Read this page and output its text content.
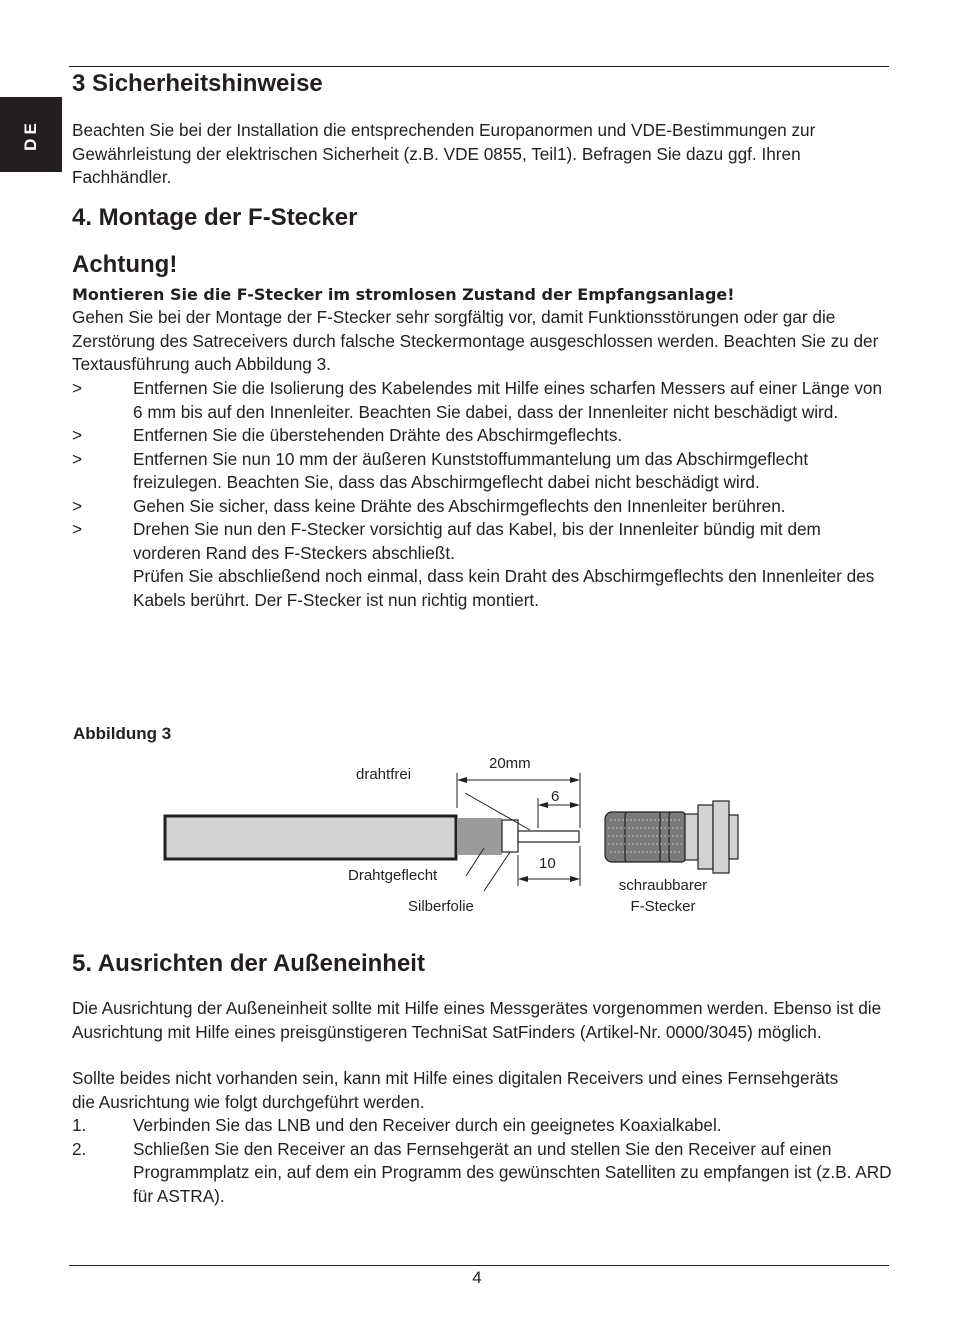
DE
3 Sicherheitshinweise

Beachten Sie bei der Installation die entsprechenden Europanormen und VDE-Bestimmungen zur Gewährleistung der elektrischen Sicherheit (z.B. VDE 0855, Teil1). Befragen Sie dazu ggf. Ihren Fachhändler.

4. Montage der F-Stecker
Achtung!
Montieren Sie die F-Stecker im stromlosen Zustand der Empfangsanlage!

Gehen Sie bei der Montage der F-Stecker sehr sorgfältig vor, damit Funktionsstörungen oder gar die Zerstörung des Satreceivers durch falsche Steckermontage ausgeschlossen werden. Beachten Sie zu der Textausführung auch Abbildung 3.

>	Entfernen Sie die Isolierung des Kabelendes mit Hilfe eines scharfen Messers auf einer Länge von 6 mm bis auf den Innenleiter. Beachten Sie dabei, dass der Innenleiter nicht beschädigt wird.
>	Entfernen Sie die überstehenden Drähte des Abschirmgeflechts.
>	Entfernen Sie nun 10 mm der äußeren Kunststoffummantelung um das Abschirmgeflecht freizulegen. Beachten Sie, dass das Abschirmgeflecht dabei nicht beschädigt wird.
>	Gehen Sie sicher, dass keine Drähte des Abschirmgeflechts den Innenleiter berühren.
>	Drehen Sie nun den F-Stecker vorsichtig auf das Kabel, bis der Innenleiter bündig mit dem vorderen Rand des F-Steckers abschließt.
Prüfen Sie abschließend noch einmal, dass kein Draht des Abschirmgeflechts den Innenleiter des Kabels berührt. Der F-Stecker ist nun richtig montiert.
Abbildung 3
drahtfrei
20mm
6
10
Drahtgeflecht
Silberfolie
schraubbarer
F-Stecker
5. Ausrichten der Außeneinheit

Die Ausrichtung der Außeneinheit sollte mit Hilfe eines Messgerätes vorgenommen werden. Ebenso ist die Ausrichtung mit Hilfe eines preisgünstigeren TechniSat SatFinders (Artikel-Nr. 0000/3045) möglich.

Sollte beides nicht vorhanden sein, kann mit Hilfe eines digitalen Receivers und eines Fernsehgeräts die Ausrichtung wie folgt durchgeführt werden.

1.	Verbinden Sie das LNB und den Receiver durch ein geeignetes Koaxialkabel.
2.	Schließen Sie den Receiver an das Fernsehgerät an und stellen Sie den Receiver auf einen Programmplatz ein, auf dem ein Programm des gewünschten Satelliten zu empfangen ist (z.B. ARD für ASTRA).
4
